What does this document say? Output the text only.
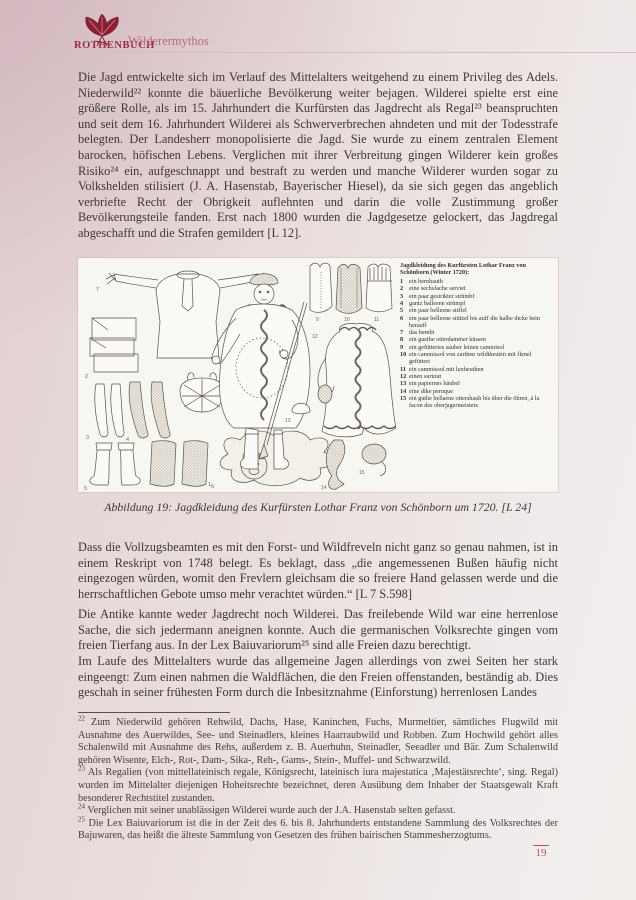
ROTHENBUCH
Wilderermythos

Die Jagd entwickelte sich im Verlauf des Mittelalters weitgehend zu einem Privileg des Adels. Niederwild²² konnte die bäuerliche Bevölkerung weiter bejagen. Wilderei spielte erst eine größere Rolle, als im 15. Jahrhundert die Kurfürsten das Jagdrecht als Regal²³ beanspruchten und seit dem 16. Jahrhundert Wilderei als Schwerverbrechen ahndeten und mit der Todesstrafe belegten. Der Landesherr monopolisierte die Jagd. Sie wurde zu einem zentralen Element barocken, höfischen Lebens. Verglichen mit ihrer Verbreitung gingen Wilderer kein großes Risiko²⁴ ein, aufgeschnappt und bestraft zu werden und manche Wilderer wurden sogar zu Volkshelden stilisiert (J. A. Hasenstab, Bayerischer Hiesel), da sie sich gegen das angeblich verbriefte Recht der Obrigkeit auflehnten und darin die volle Zustimmung großer Bevölkerungsteile fanden. Erst nach 1800 wurden die Jagdgesetze gelockert, das Jagdregal abgeschafft und die Strafen gemildert [L 12].

7
2
3	4
5	6
1
9	10	11
12
13
14
15
Jagdkleidung des Kurfürsten Lothar Franz von Schönborn (Winter 1720):
1 ein bernhauth
2 eine sechsfache serviet
3 ein paar gestrikter strümbf
4 gantz balleene strümpf
5 ein paar belleene stiffel
6 ein paar belleene stützel bis auff die halbe dicke bein herauff
7 das hembt
8 ein guethe otterdammer küssen
9 ein gefüttertes sauber leinen cammisol
10 ein cammissol von zarthen wildtheuten mit flenel gefüttert
11 ein cammissol mit luxheuthen
12 einen surtout
13 ein papiernes häubel
14 eine dike peruque
15 ein guthe bellaene ottershaub bis über die öhren, à la facon des oberjagermeisters

Abbildung 19: Jagdkleidung des Kurfürsten Lothar Franz von Schönborn um 1720. [L 24]

Dass die Vollzugsbeamten es mit den Forst- und Wildfreveln nicht ganz so genau nahmen, ist in einem Reskript von 1748 belegt. Es beklagt, dass „die angemessenen Bußen häufig nicht eingezogen würden, womit den Frevlern gleichsam die so freiere Hand gelassen werde und die herrschaftlichen Gebote umso mehr verachtet würden.“ [L 7 S.598]

Die Antike kannte weder Jagdrecht noch Wilderei. Das freilebende Wild war eine herrenlose Sache, die sich jedermann aneignen konnte. Auch die germanischen Volksrechte gingen vom freien Tierfang aus. In der Lex Baiuvariorum²⁵ sind alle Freien dazu berechtigt.

Im Laufe des Mittelalters wurde das allgemeine Jagen allerdings von zwei Seiten her stark eingeengt: Zum einen nahmen die Waldflächen, die den Freien offenstanden, beständig ab. Dies geschah in seiner frühesten Form durch die Inbesitznahme (Einforstung) herrenlosen Landes

$^{22}$ Zum Niederwild gehören Rehwild, Dachs, Hase, Kaninchen, Fuchs, Murmeltier, sämtliches Flugwild mit Ausnahme des Auerwildes, See- und Steinadlers, kleines Haarraubwild und Robben. Zum Hochwild gehört alles Schalenwild mit Ausnahme des Rehs, außerdem z. B. Auerhuhn, Steinadler, Seeadler und Bär. Zum Schalenwild gehören Wisente, Elch-, Rot-, Dam-, Sika-, Reh-, Gams-, Stein-, Muffel- und Schwarzwild.

$^{23}$ Als Regalien (von mittellateinisch regale, Königsrecht, lateinisch iura majestatica ‚Majestätsrechte‘, sing. Regal) wurden im Mittelalter diejenigen Hoheitsrechte bezeichnet, deren Ausübung dem Inhaber der Staatsgewalt Kraft besonderer Rechtstitel zustanden.

$^{24}$ Verglichen mit seiner unablässigen Wilderei wurde auch der J.A. Hasenstab selten gefasst.

$^{25}$ Die Lex Baiuvariorum ist die in der Zeit des 6. bis 8. Jahrhunderts entstandene Sammlung des Volksrechtes der Bajuwaren, das heißt die älteste Sammlung von Gesetzen des frühen bairischen Stammesherzogtums.

19
